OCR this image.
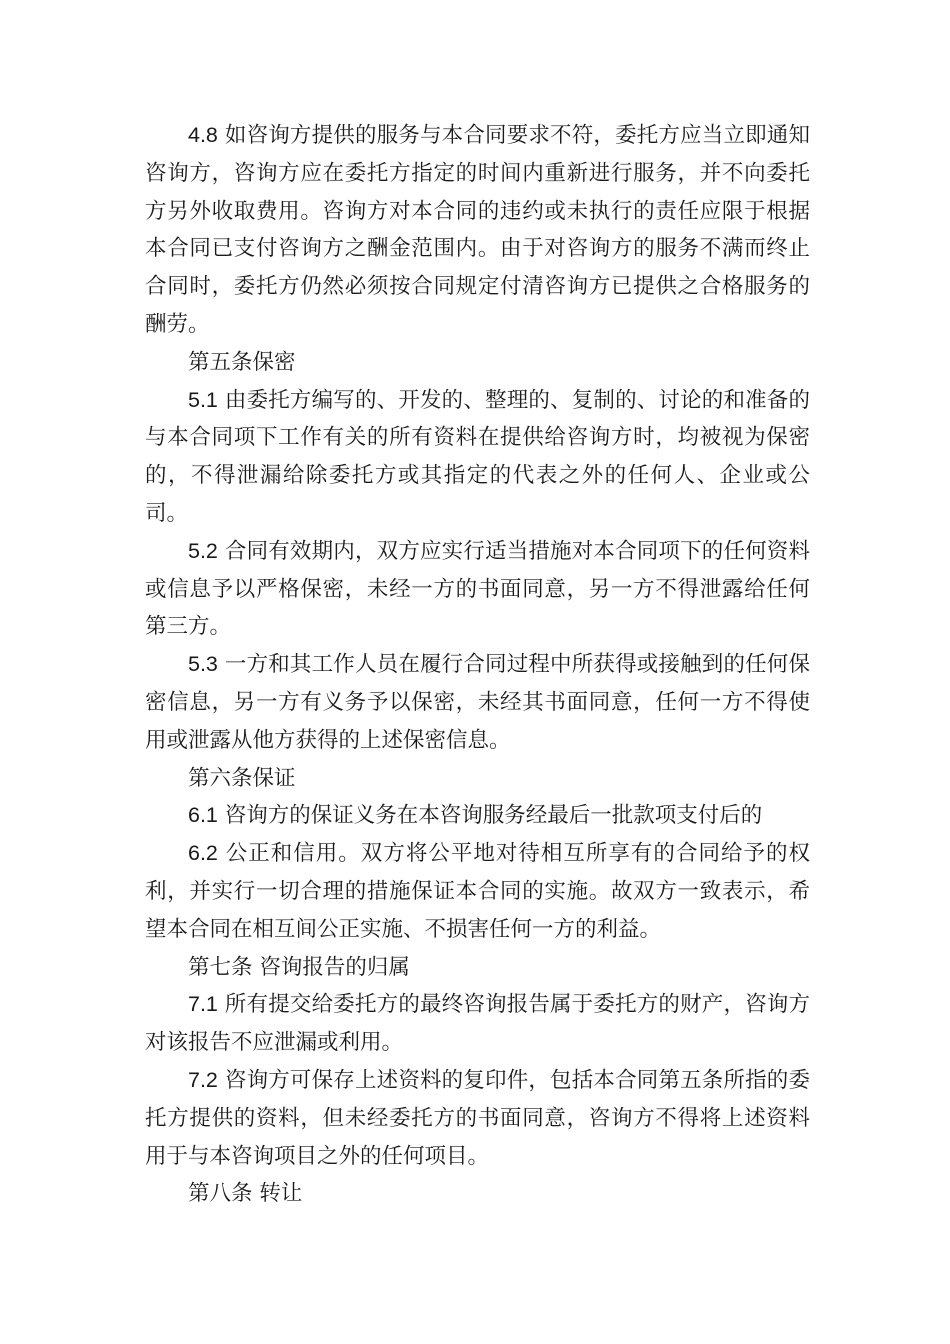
4.8 如咨询方提供的服务与本合同要求不符，委托方应当立即通知咨询方，咨询方应在委托方指定的时间内重新进行服务，并不向委托方另外收取费用。咨询方对本合同的违约或未执行的责任应限于根据本合同已支付咨询方之酬金范围内。由于对咨询方的服务不满而终止合同时，委托方仍然必须按合同规定付清咨询方已提供之合格服务的酬劳。

第五条保密

5.1 由委托方编写的、开发的、整理的、复制的、讨论的和准备的与本合同项下工作有关的所有资料在提供给咨询方时，均被视为保密的，不得泄漏给除委托方或其指定的代表之外的任何人、企业或公司。

5.2 合同有效期内，双方应实行适当措施对本合同项下的任何资料或信息予以严格保密，未经一方的书面同意，另一方不得泄露给任何第三方。

5.3 一方和其工作人员在履行合同过程中所获得或接触到的任何保密信息，另一方有义务予以保密，未经其书面同意，任何一方不得使用或泄露从他方获得的上述保密信息。

第六条保证

6.1 咨询方的保证义务在本咨询服务经最后一批款项支付后的

6.2 公正和信用。双方将公平地对待相互所享有的合同给予的权利，并实行一切合理的措施保证本合同的实施。故双方一致表示，希望本合同在相互间公正实施、不损害任何一方的利益。

第七条 咨询报告的归属

7.1 所有提交给委托方的最终咨询报告属于委托方的财产，咨询方对该报告不应泄漏或利用。

7.2 咨询方可保存上述资料的复印件，包括本合同第五条所指的委托方提供的资料，但未经委托方的书面同意，咨询方不得将上述资料用于与本咨询项目之外的任何项目。

第八条 转让
